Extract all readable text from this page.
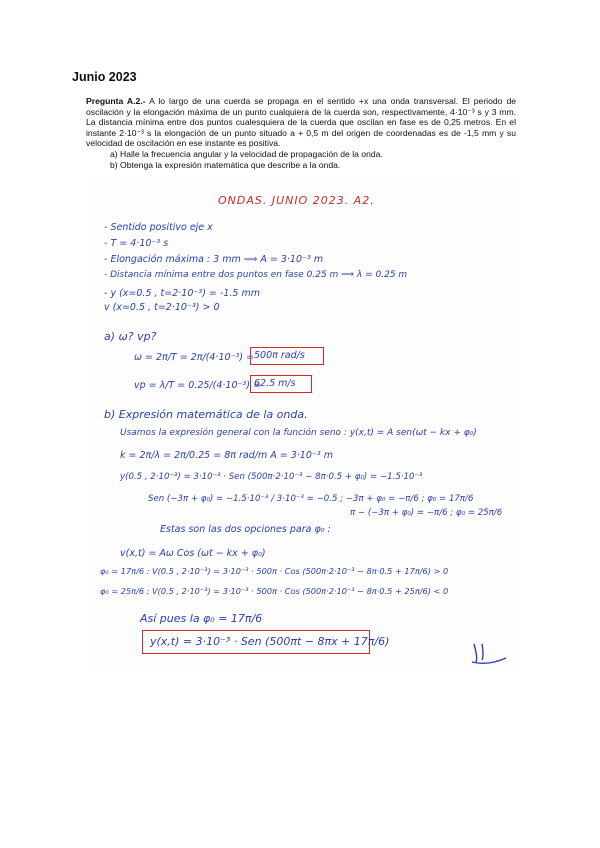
Junio 2023

Pregunta A.2.- A lo largo de una cuerda se propaga en el sentido +x una onda transversal. El periodo de oscilación y la elongación máxima de un punto cualquiera de la cuerda son, respectivamente, 4·10⁻³ s y 3 mm. La distancia mínima entre dos puntos cualesquiera de la cuerda que oscilan en fase es de 0,25 metros. En el instante 2·10⁻³ s la elongación de un punto situado a + 0,5 m del origen de coordenadas es de -1,5 mm y su velocidad de oscilación en ese instante es positiva.

a) Halle la frecuencia angular y la velocidad de propagación de la onda.
b) Obtenga la expresión matemática que describe a la onda.
ONDAS. JUNIO 2023. A2.
- Sentido positivo eje x
- T = 4·10⁻³ s
- Elongación máxima : 3 mm ⟹ A = 3·10⁻³ m
- Distancia mínima entre dos puntos en fase 0.25 m ⟹ λ = 0.25 m
- y (x=0.5 , t=2·10⁻³) = -1.5 mm
v (x=0.5 , t=2·10⁻³) > 0
a) ω? vp?
ω = 2π/T = 2π/(4·10⁻³) = 500π rad/s
vp = λ/T = 0.25/(4·10⁻³) =
62.5 m/s
b) Expresión matemática de la onda.
Usamos la expresión general con la función seno : y(x,t) = A sen(ωt − kx + φ₀)
k = 2π/λ = 2π/0.25 = 8π rad/m A = 3·10⁻³ m
y(0.5 , 2·10⁻³) = 3·10⁻³ · Sen (500π·2·10⁻³ − 8π·0.5 + φ₀) = −1.5·10⁻³
Sen (−3π + φ₀) = −1.5·10⁻³ / 3·10⁻³ = −0.5 ; −3π + φ₀ = −π/6 ; φ₀ = 17π/6
π − (−3π + φ₀) = −π/6 ; φ₀ = 25π/6
Estas son las dos opciones para φ₀ :
v(x,t) = Aω Cos (ωt − kx + φ₀)
φ₀ = 17π/6 : V(0.5 , 2·10⁻³) = 3·10⁻³ · 500π · Cos (500π·2·10⁻³ − 8π·0.5 + 17π/6) > 0
φ₀ = 25π/6 : V(0.5 , 2·10⁻³) = 3·10⁻³ · 500π · Cos (500π·2·10⁻³ − 8π·0.5 + 25π/6) < 0
Así pues la φ₀ = 17π/6
y(x,t) = 3·10⁻³ · Sen (500πt − 8πx + 17π/6)
